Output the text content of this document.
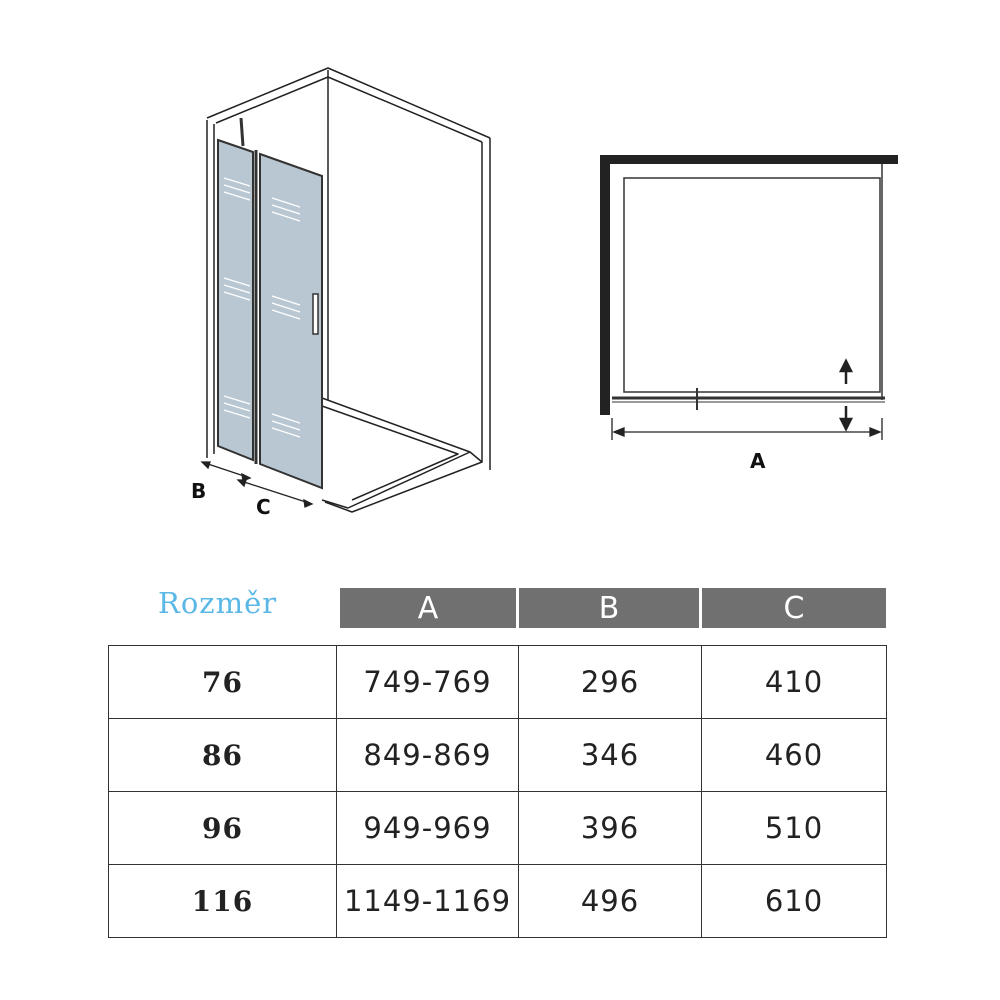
B
C
A
Rozměr	A	B	C
76	749-769	296	410
86	849-869	346	460
96	949-969	396	510
116	1149-1169	496	610
